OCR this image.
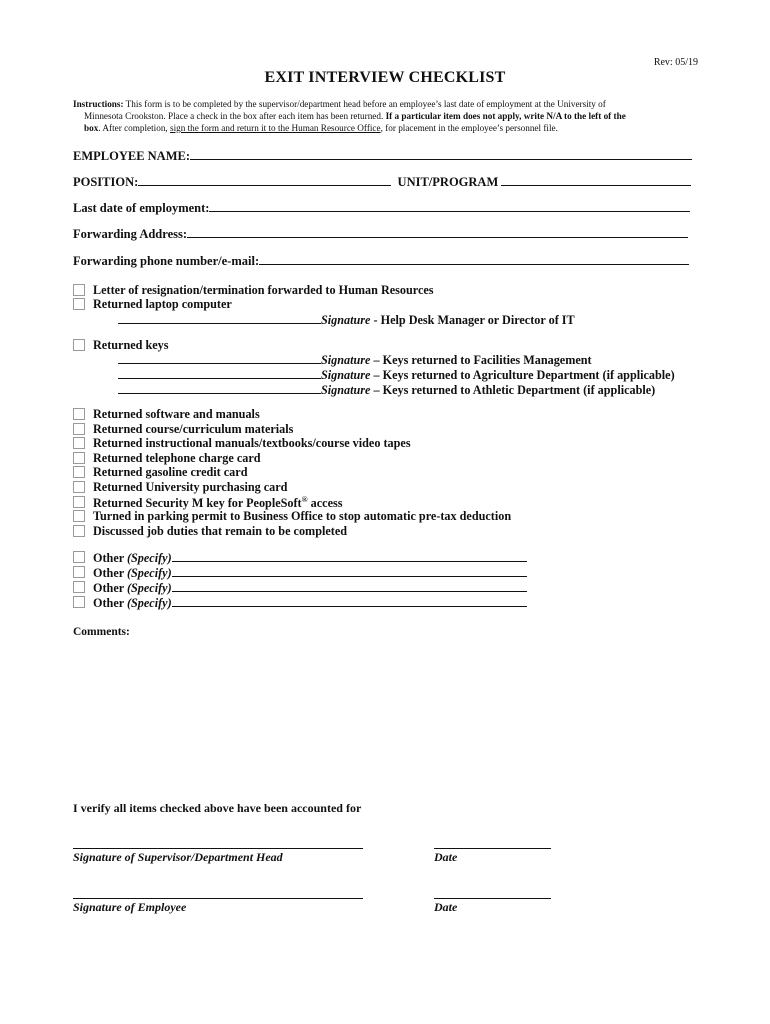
Rev: 05/19
EXIT INTERVIEW CHECKLIST
Instructions: This form is to be completed by the supervisor/department head before an employee’s last date of employment at the University of
Minnesota Crookston. Place a check in the box after each item has been returned. If a particular item does not apply, write N/A to the left of the
box. After completion, sign the form and return it to the Human Resource Office, for placement in the employee’s personnel file.
EMPLOYEE NAME:
POSITION:	UNIT/PROGRAM
Last date of employment:
Forwarding Address:
Forwarding phone number/e-mail:
Letter of resignation/termination forwarded to Human Resources
Returned laptop computer
Signature - Help Desk Manager or Director of IT
Returned keys
Signature – Keys returned to Facilities Management
Signature – Keys returned to Agriculture Department (if applicable)
Signature – Keys returned to Athletic Department (if applicable)
Returned software and manuals
Returned course/curriculum materials
Returned instructional manuals/textbooks/course video tapes
Returned telephone charge card
Returned gasoline credit card
Returned University purchasing card
Returned Security M key for PeopleSoft® access
Turned in parking permit to Business Office to stop automatic pre-tax deduction
Discussed job duties that remain to be completed
Other (Specify)
Other (Specify)
Other (Specify)
Other (Specify)
Comments:
I verify all items checked above have been accounted for
Signature of Supervisor/Department Head	Date
Signature of Employee	Date
